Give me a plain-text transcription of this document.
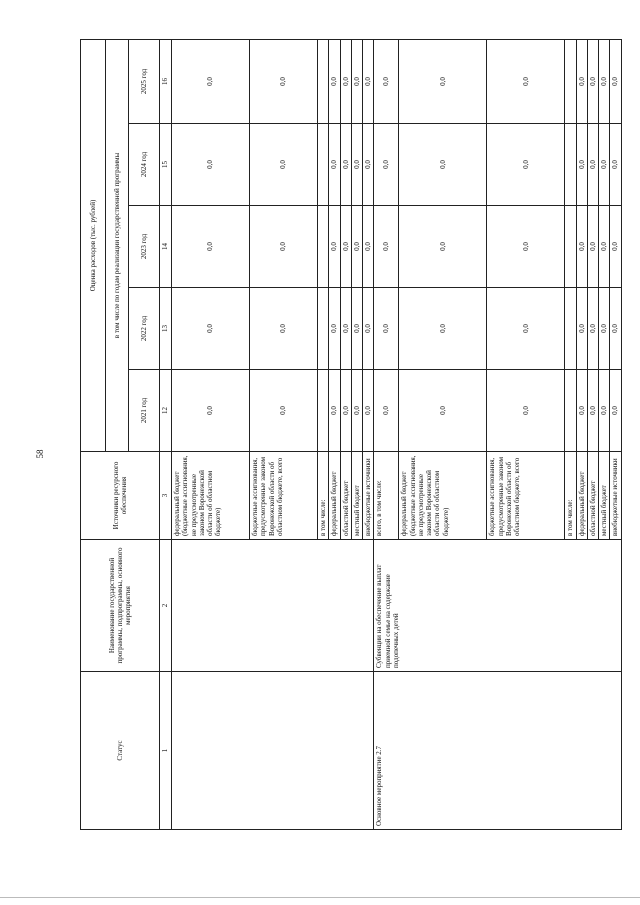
58
Статус	Наименование государственной программы, подпрограммы, основного мероприятия	Источники ресурсного обеспечения	Оценка расходов (тыс. рублей)				
			в том числе по годам реализации государственной программы				
			2021 год	2022 год	2023 год	2024 год	2025 год
1	2	3	12	13	14	15	16
		федеральный бюджет (бюджетные ассигнования, не предусмотренные законом Воронежской области об областном бюджете)	0,0	0,0	0,0	0,0	0,0
		бюджетные ассигнования, предусмотренные законом Воронежской области об областном бюджете, всего	0,0	0,0	0,0	0,0	0,0
		в том числе:					
		федеральный бюджет	0,0	0,0	0,0	0,0	0,0
		областной бюджет	0,0	0,0	0,0	0,0	0,0
		местный бюджет	0,0	0,0	0,0	0,0	0,0
		внебюджетные источники	0,0	0,0	0,0	0,0	0,0
Основное мероприятие 2.7	Субвенции на обеспечение выплат приемной семье на содержание подопечных детей	всего, в том числе:	0,0	0,0	0,0	0,0	0,0
		федеральный бюджет (бюджетные ассигнования, не предусмотренные законом Воронежской области об областном бюджете)	0,0	0,0	0,0	0,0	0,0
		бюджетные ассигнования, предусмотренные законом Воронежской области об областном бюджете, всего	0,0	0,0	0,0	0,0	0,0
		в том числе:					
		федеральный бюджет	0,0	0,0	0,0	0,0	0,0
		областной бюджет	0,0	0,0	0,0	0,0	0,0
		местный бюджет	0,0	0,0	0,0	0,0	0,0
		внебюджетные источники	0,0	0,0	0,0	0,0	0,0
